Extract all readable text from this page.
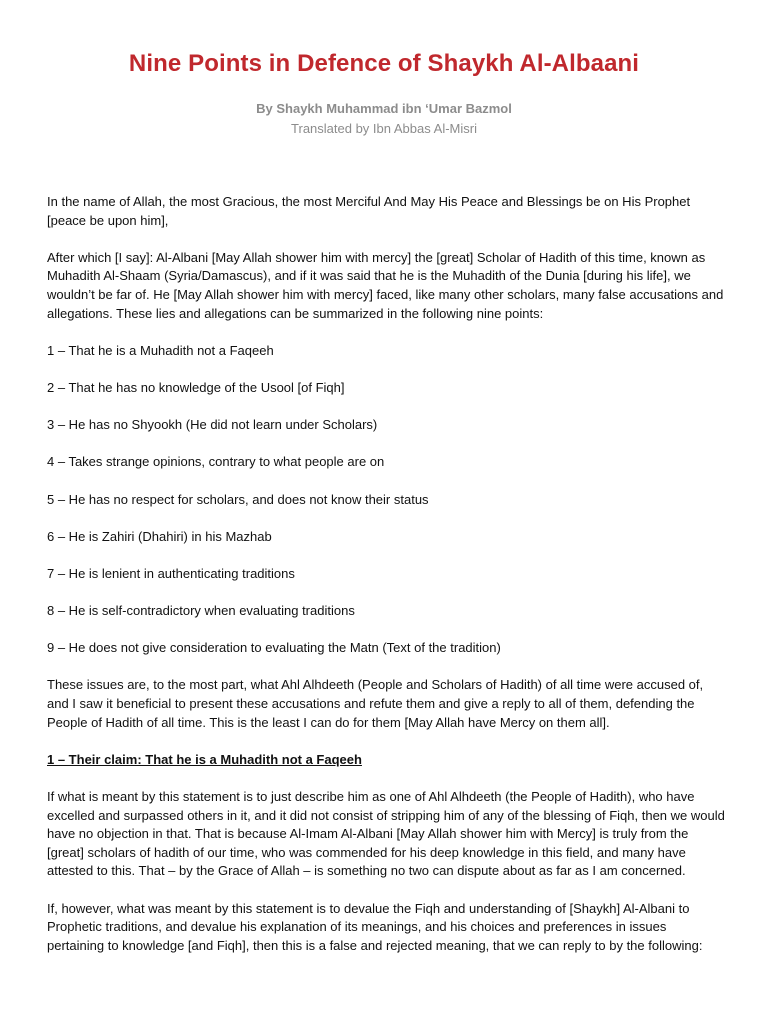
Nine Points in Defence of Shaykh Al-Albaani
By Shaykh Muhammad ibn ‘Umar Bazmol
Translated by Ibn Abbas Al-Misri

In the name of Allah, the most Gracious, the most Merciful And May His Peace and Blessings be on His Prophet [peace be upon him],

After which [I say]: Al-Albani [May Allah shower him with mercy] the [great] Scholar of Hadith of this time, known as Muhadith Al-Shaam (Syria/Damascus), and if it was said that he is the Muhadith of the Dunia [during his life], we wouldn’t be far of. He [May Allah shower him with mercy] faced, like many other scholars, many false accusations and allegations. These lies and allegations can be summarized in the following nine points:

1 – That he is a Muhadith not a Faqeeh

2 – That he has no knowledge of the Usool [of Fiqh]

3 – He has no Shyookh (He did not learn under Scholars)

4 – Takes strange opinions, contrary to what people are on

5 – He has no respect for scholars, and does not know their status

6 – He is Zahiri (Dhahiri) in his Mazhab

7 – He is lenient in authenticating traditions

8 – He is self-contradictory when evaluating traditions

9 – He does not give consideration to evaluating the Matn (Text of the tradition)

These issues are, to the most part, what Ahl Alhdeeth (People and Scholars of Hadith) of all time were accused of, and I saw it beneficial to present these accusations and refute them and give a reply to all of them, defending the People of Hadith of all time. This is the least I can do for them [May Allah have Mercy on them all].

1 – Their claim: That he is a Muhadith not a Faqeeh

If what is meant by this statement is to just describe him as one of Ahl Alhdeeth (the People of Hadith), who have excelled and surpassed others in it, and it did not consist of stripping him of any of the blessing of Fiqh, then we would have no objection in that. That is because Al-Imam Al-Albani [May Allah shower him with Mercy] is truly from the [great] scholars of hadith of our time, who was commended for his deep knowledge in this field, and many have attested to this. That – by the Grace of Allah – is something no two can dispute about as far as I am concerned.

If, however, what was meant by this statement is to devalue the Fiqh and understanding of [Shaykh] Al-Albani to Prophetic traditions, and devalue his explanation of its meanings, and his choices and preferences in issues pertaining to knowledge [and Fiqh], then this is a false and rejected meaning, that we can reply to by the following:
